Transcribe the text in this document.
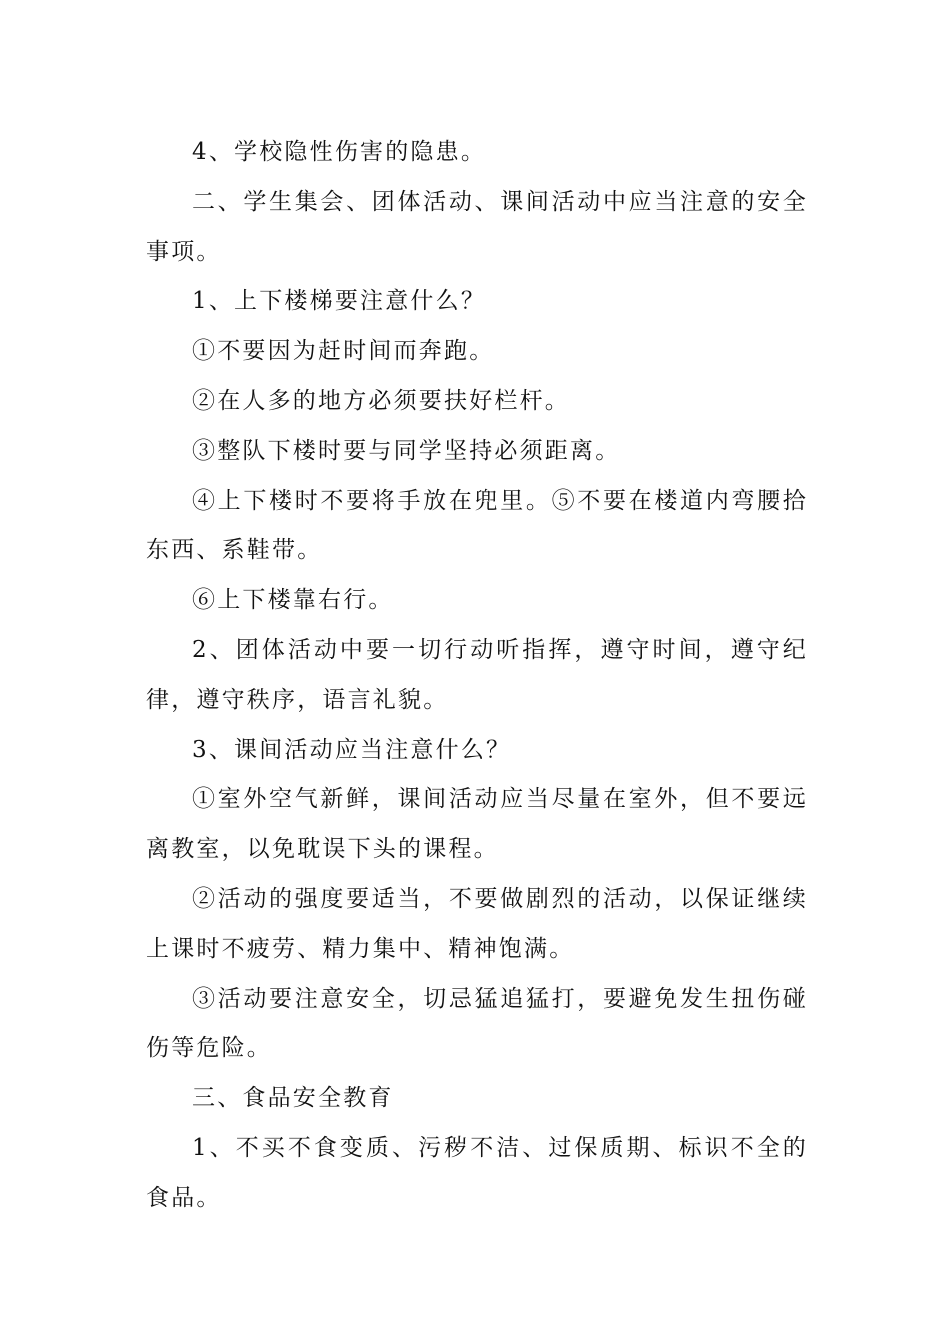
4、学校隐性伤害的隐患。

二、学生集会、团体活动、课间活动中应当注意的安全事项。

1、上下楼梯要注意什么？

①不要因为赶时间而奔跑。

②在人多的地方必须要扶好栏杆。

③整队下楼时要与同学坚持必须距离。

④上下楼时不要将手放在兜里。⑤不要在楼道内弯腰拾东西、系鞋带。

⑥上下楼靠右行。

2、团体活动中要一切行动听指挥，遵守时间，遵守纪律，遵守秩序，语言礼貌。

3、课间活动应当注意什么？

①室外空气新鲜，课间活动应当尽量在室外，但不要远离教室，以免耽误下头的课程。

②活动的强度要适当，不要做剧烈的活动，以保证继续上课时不疲劳、精力集中、精神饱满。

③活动要注意安全，切忌猛追猛打，要避免发生扭伤碰伤等危险。

三、食品安全教育

1、不买不食变质、污秽不洁、过保质期、标识不全的食品。
